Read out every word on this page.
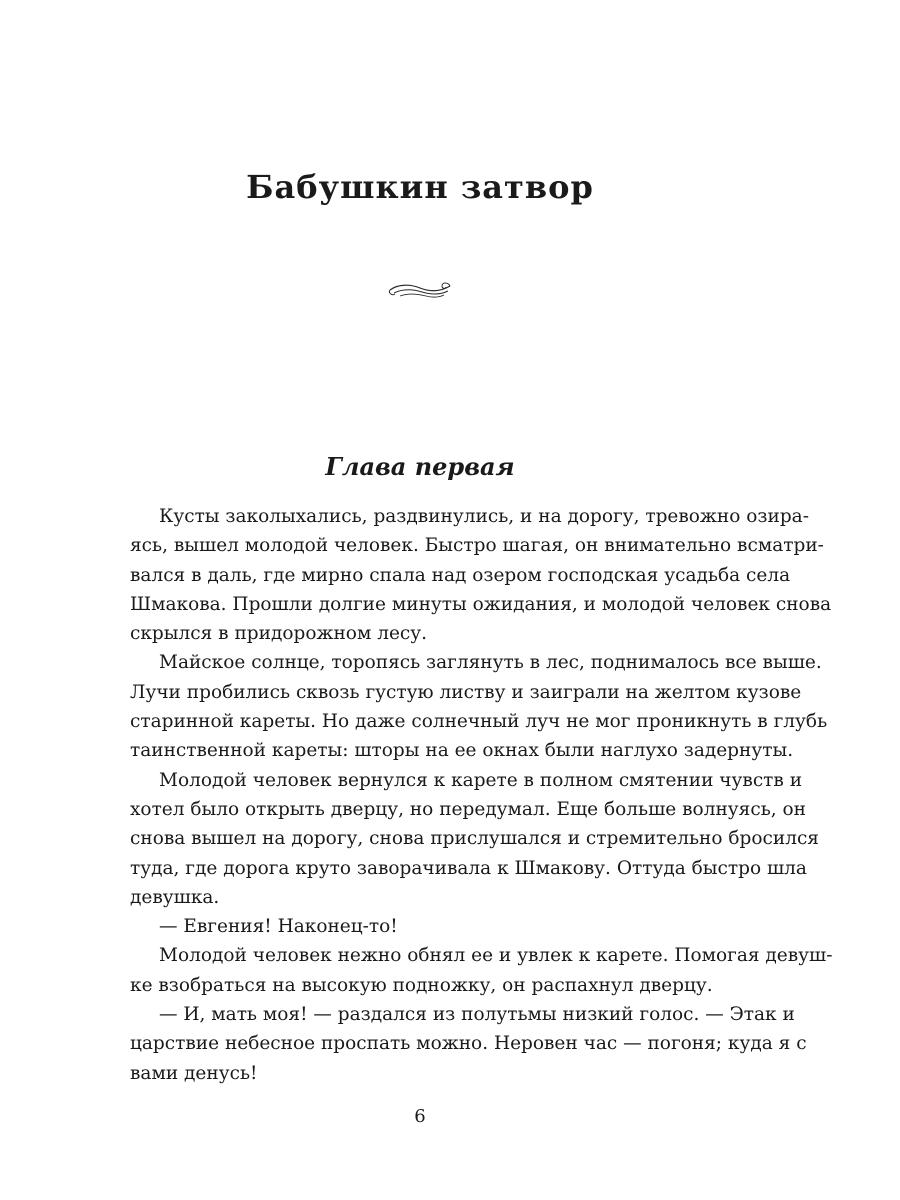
Бабушкин затвор
Глава первая

Кусты заколыхались, раздвинулись, и на дорогу, тревожно озира-
ясь, вышел молодой человек. Быстро шагая, он внимательно всматри-
вался в даль, где мирно спала над озером господская усадьба села
Шмакова. Прошли долгие минуты ожидания, и молодой человек снова
скрылся в придорожном лесу.

Майское солнце, торопясь заглянуть в лес, поднималось все выше.
Лучи пробились сквозь густую листву и заиграли на желтом кузове
старинной кареты. Но даже солнечный луч не мог проникнуть в глубь
таинственной кареты: шторы на ее окнах были наглухо задернуты.

Молодой человек вернулся к карете в полном смятении чувств и
хотел было открыть дверцу, но передумал. Еще больше волнуясь, он
снова вышел на дорогу, снова прислушался и стремительно бросился
туда, где дорога круто заворачивала к Шмакову. Оттуда быстро шла
девушка.

— Евгения! Наконец-то!

Молодой человек нежно обнял ее и увлек к карете. Помогая девуш-
ке взобраться на высокую подножку, он распахнул дверцу.

— И, мать моя! — раздался из полутьмы низкий голос. — Этак и
царствие небесное проспать можно. Неровен час — погоня; куда я с
вами денусь!

6
